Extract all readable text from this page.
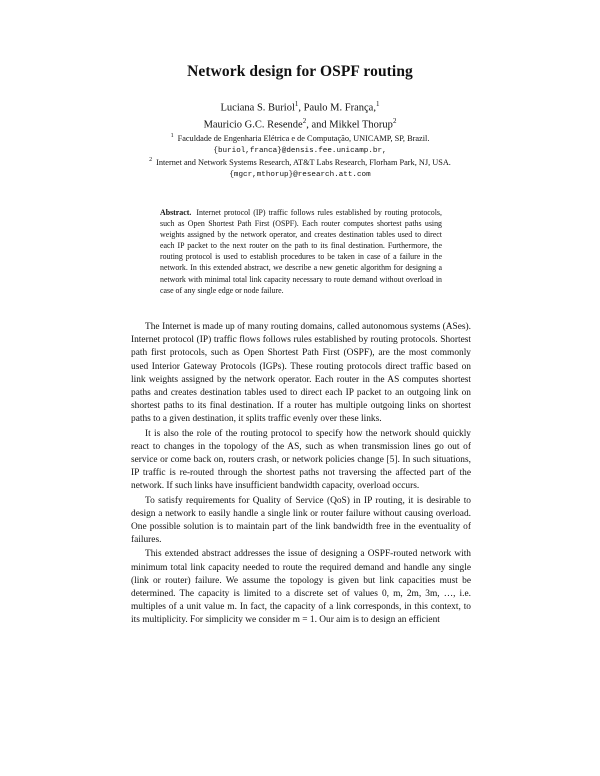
Network design for OSPF routing
Luciana S. Buriol$^1$, Paulo M. França,$^1$
Mauricio G.C. Resende$^2$, and Mikkel Thorup$^2$
$^1$ Faculdade de Engenharia Elétrica e de Computação, UNICAMP, SP, Brazil.
{buriol,franca}@densis.fee.unicamp.br,
$^2$ Internet and Network Systems Research, AT&T Labs Research, Florham Park, NJ, USA.
{mgcr,mthorup}@research.att.com
Abstract. Internet protocol (IP) traffic follows rules established by routing protocols, such as Open Shortest Path First (OSPF). Each router computes shortest paths using weights assigned by the network operator, and creates destination tables used to direct each IP packet to the next router on the path to its final destination. Furthermore, the routing protocol is used to establish procedures to be taken in case of a failure in the network. In this extended abstract, we describe a new genetic algorithm for designing a network with minimal total link capacity necessary to route demand without overload in case of any single edge or node failure.

The Internet is made up of many routing domains, called autonomous systems (ASes). Internet protocol (IP) traffic flows follows rules established by routing protocols. Shortest path first protocols, such as Open Shortest Path First (OSPF), are the most commonly used Interior Gateway Protocols (IGPs). These routing protocols direct traffic based on link weights assigned by the network operator. Each router in the AS computes shortest paths and creates destination tables used to direct each IP packet to an outgoing link on shortest paths to its final destination. If a router has multiple outgoing links on shortest paths to a given destination, it splits traffic evenly over these links.

It is also the role of the routing protocol to specify how the network should quickly react to changes in the topology of the AS, such as when transmission lines go out of service or come back on, routers crash, or network policies change [5]. In such situations, IP traffic is re-routed through the shortest paths not traversing the affected part of the network. If such links have insufficient bandwidth capacity, overload occurs.

To satisfy requirements for Quality of Service (QoS) in IP routing, it is desirable to design a network to easily handle a single link or router failure without causing overload. One possible solution is to maintain part of the link bandwidth free in the eventuality of failures.

This extended abstract addresses the issue of designing a OSPF-routed network with minimum total link capacity needed to route the required demand and handle any single (link or router) failure. We assume the topology is given but link capacities must be determined. The capacity is limited to a discrete set of values 0, m, 2m, 3m, …, i.e. multiples of a unit value m. In fact, the capacity of a link corresponds, in this context, to its multiplicity. For simplicity we consider m = 1. Our aim is to design an efficient
